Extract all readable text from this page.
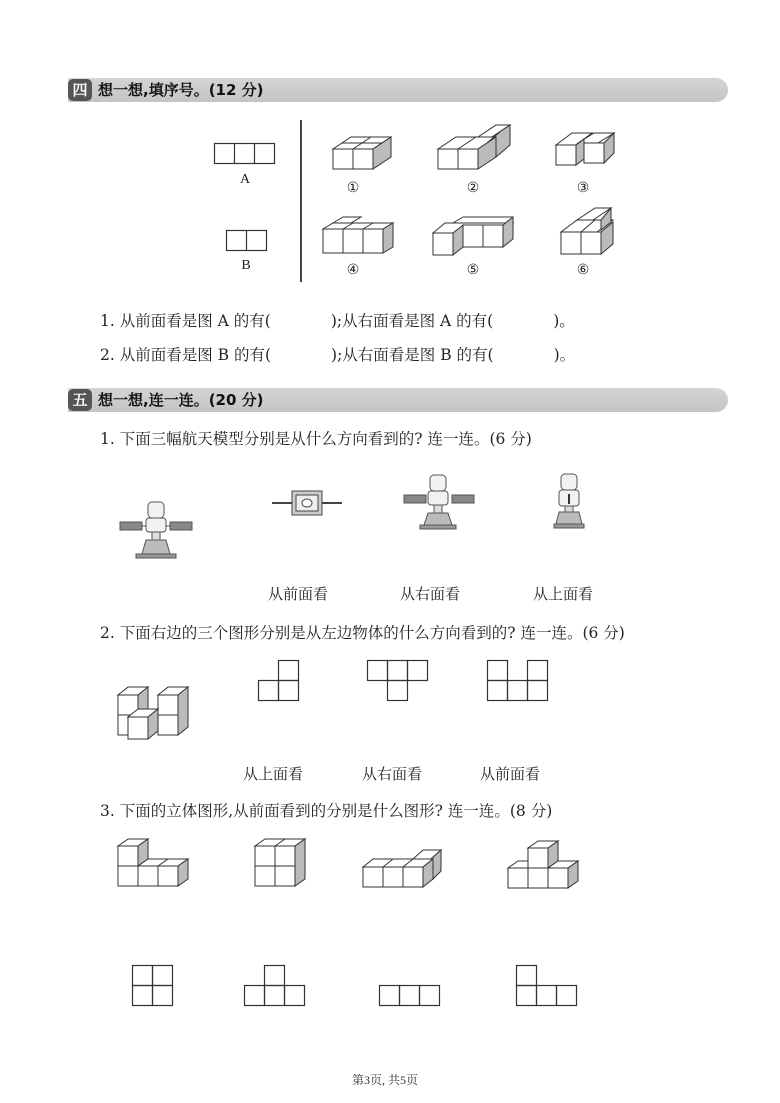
四 想一想,填序号。(12 分)
A
B
①	②	③
④	⑤	⑥
1. 从前面看是图 A 的有(	);从右面看是图 A 的有(	)。
2. 从前面看是图 B 的有(	);从右面看是图 B 的有(	)。
五 想一想,连一连。(20 分)
1. 下面三幅航天模型分别是从什么方向看到的? 连一连。(6 分)
从前面看	从右面看	从上面看
2. 下面右边的三个图形分别是从左边物体的什么方向看到的? 连一连。(6 分)
从上面看	从右面看	从前面看
3. 下面的立体图形,从前面看到的分别是什么图形? 连一连。(8 分)
第3页, 共5页
